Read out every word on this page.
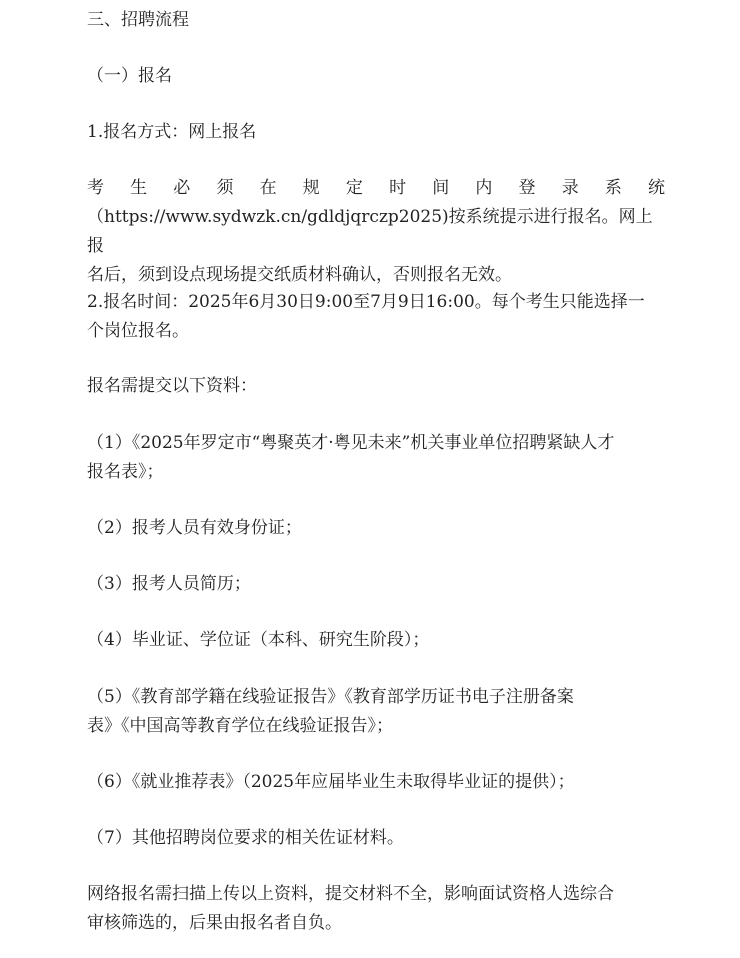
三、招聘流程

（一）报名

1.报名方式：网上报名

考生必须在规定时间内登录系统
（https://www.sydwzk.cn/gdldjqrczp2025)按系统提示进行报名。网上报
名后，须到设点现场提交纸质材料确认，否则报名无效。
2.报名时间：2025年6月30日9:00至7月9日16:00。每个考生只能选择一
个岗位报名。

报名需提交以下资料：

（1）《2025年罗定市“粤聚英才·粤见未来”机关事业单位招聘紧缺人才
报名表》；

（2）报考人员有效身份证；

（3）报考人员简历；

（4）毕业证、学位证（本科、研究生阶段）；

（5）《教育部学籍在线验证报告》《教育部学历证书电子注册备案
表》《中国高等教育学位在线验证报告》；

（6）《就业推荐表》（2025年应届毕业生未取得毕业证的提供）；

（7）其他招聘岗位要求的相关佐证材料。

网络报名需扫描上传以上资料，提交材料不全，影响面试资格人选综合
审核筛选的，后果由报名者自负。
